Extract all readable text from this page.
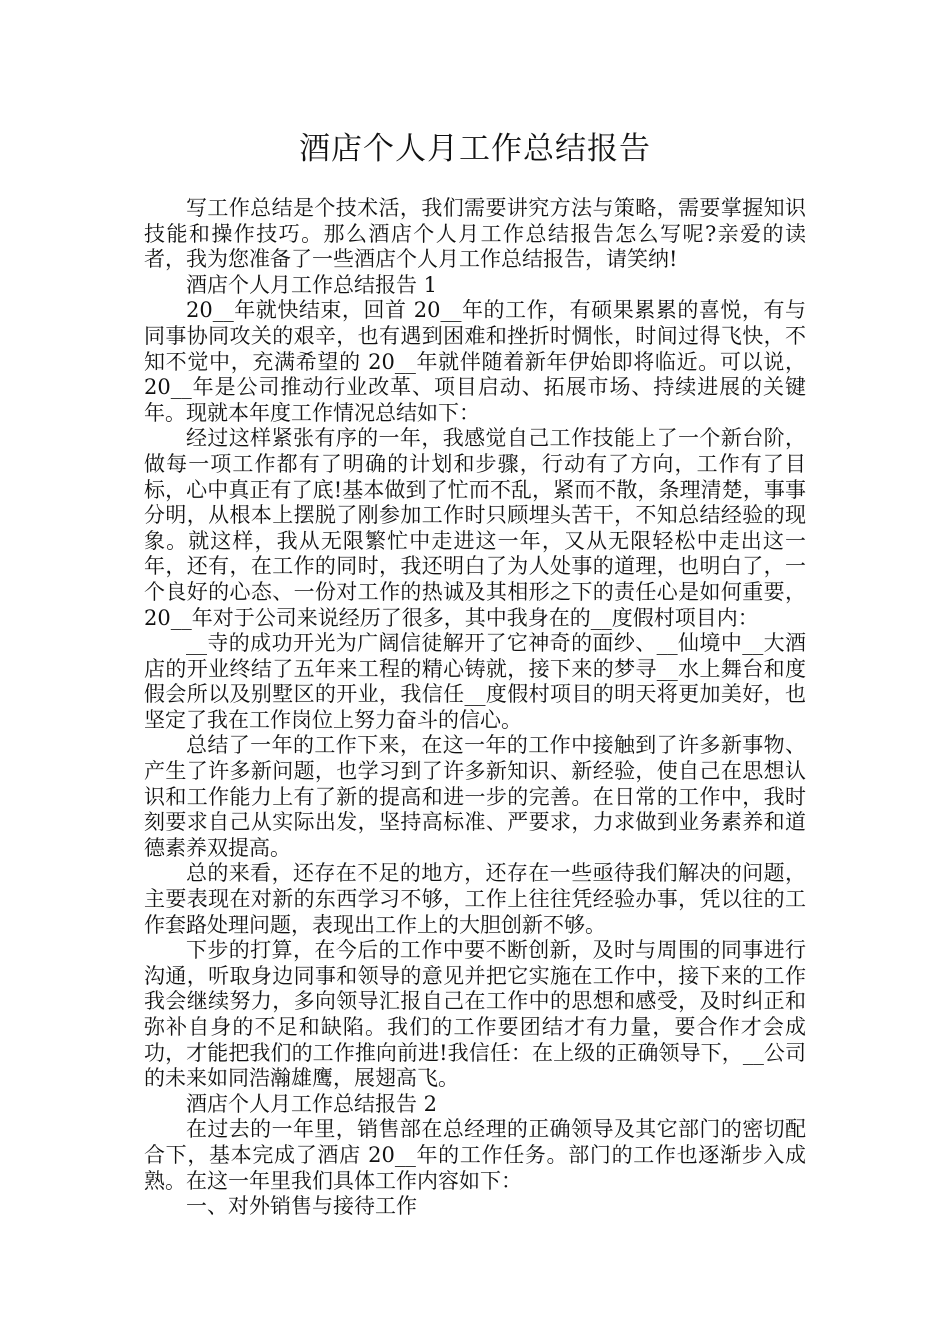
酒店个人月工作总结报告

写工作总结是个技术活，我们需要讲究方法与策略，需要掌握知识技能和操作技巧。那么酒店个人月工作总结报告怎么写呢?亲爱的读者，我为您准备了一些酒店个人月工作总结报告，请笑纳!

酒店个人月工作总结报告 1

20__年就快结束，回首 20__年的工作，有硕果累累的喜悦，有与同事协同攻关的艰辛，也有遇到困难和挫折时惆怅，时间过得飞快，不知不觉中，充满希望的 20__年就伴随着新年伊始即将临近。可以说，20__年是公司推动行业改革、项目启动、拓展市场、持续进展的关键年。现就本年度工作情况总结如下：

经过这样紧张有序的一年，我感觉自己工作技能上了一个新台阶，做每一项工作都有了明确的计划和步骤，行动有了方向，工作有了目标，心中真正有了底!基本做到了忙而不乱，紧而不散，条理清楚，事事分明，从根本上摆脱了刚参加工作时只顾埋头苦干，不知总结经验的现象。就这样，我从无限繁忙中走进这一年，又从无限轻松中走出这一年，还有，在工作的同时，我还明白了为人处事的道理，也明白了，一个良好的心态、一份对工作的热诚及其相形之下的责任心是如何重要，20__年对于公司来说经历了很多，其中我身在的__度假村项目内：

__寺的成功开光为广阔信徒解开了它神奇的面纱、__仙境中__大酒店的开业终结了五年来工程的精心铸就，接下来的梦寻__水上舞台和度假会所以及别墅区的开业，我信任__度假村项目的明天将更加美好，也坚定了我在工作岗位上努力奋斗的信心。

总结了一年的工作下来，在这一年的工作中接触到了许多新事物、产生了许多新问题，也学习到了许多新知识、新经验，使自己在思想认识和工作能力上有了新的提高和进一步的完善。在日常的工作中，我时刻要求自己从实际出发，坚持高标准、严要求，力求做到业务素养和道德素养双提高。

总的来看，还存在不足的地方，还存在一些亟待我们解决的问题，主要表现在对新的东西学习不够，工作上往往凭经验办事，凭以往的工作套路处理问题，表现出工作上的大胆创新不够。

下步的打算，在今后的工作中要不断创新，及时与周围的同事进行沟通，听取身边同事和领导的意见并把它实施在工作中，接下来的工作我会继续努力，多向领导汇报自己在工作中的思想和感受，及时纠正和弥补自身的不足和缺陷。我们的工作要团结才有力量，要合作才会成功，才能把我们的工作推向前进!我信任：在上级的正确领导下，__公司的未来如同浩瀚雄鹰，展翅高飞。

酒店个人月工作总结报告 2

在过去的一年里，销售部在总经理的正确领导及其它部门的密切配合下，基本完成了酒店 20__年的工作任务。部门的工作也逐渐步入成熟。在这一年里我们具体工作内容如下：

一、对外销售与接待工作
